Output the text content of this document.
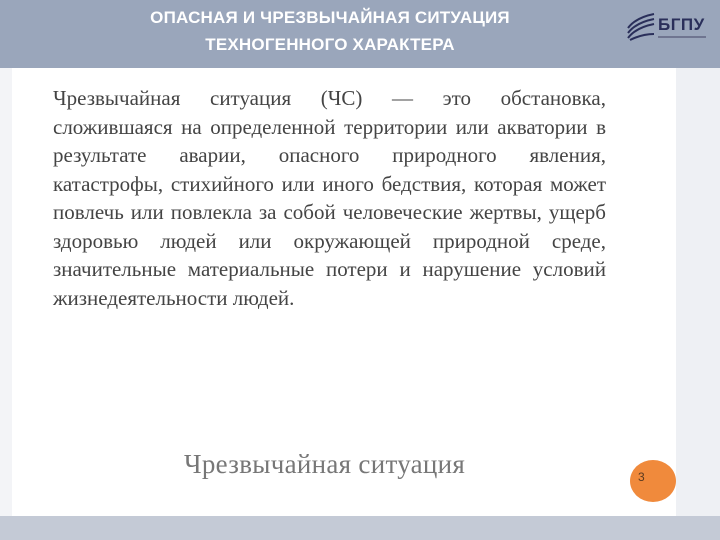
ОПАСНАЯ И ЧРЕЗВЫЧАЙНАЯ СИТУАЦИЯ
ТЕХНОГЕННОГО ХАРАКТЕРА
БГПУ

Чрезвычайная ситуация (ЧС) — это обстановка, сложившаяся на определенной территории или акватории в результате аварии, опасного природного явления, катастрофы, стихийного или иного бедствия, которая может повлечь или повлекла за собой человеческие жертвы, ущерб здоровью людей или окружающей природной среде, значительные материальные потери и нарушение условий жизнедеятельности людей.

Чрезвычайная ситуация	3
